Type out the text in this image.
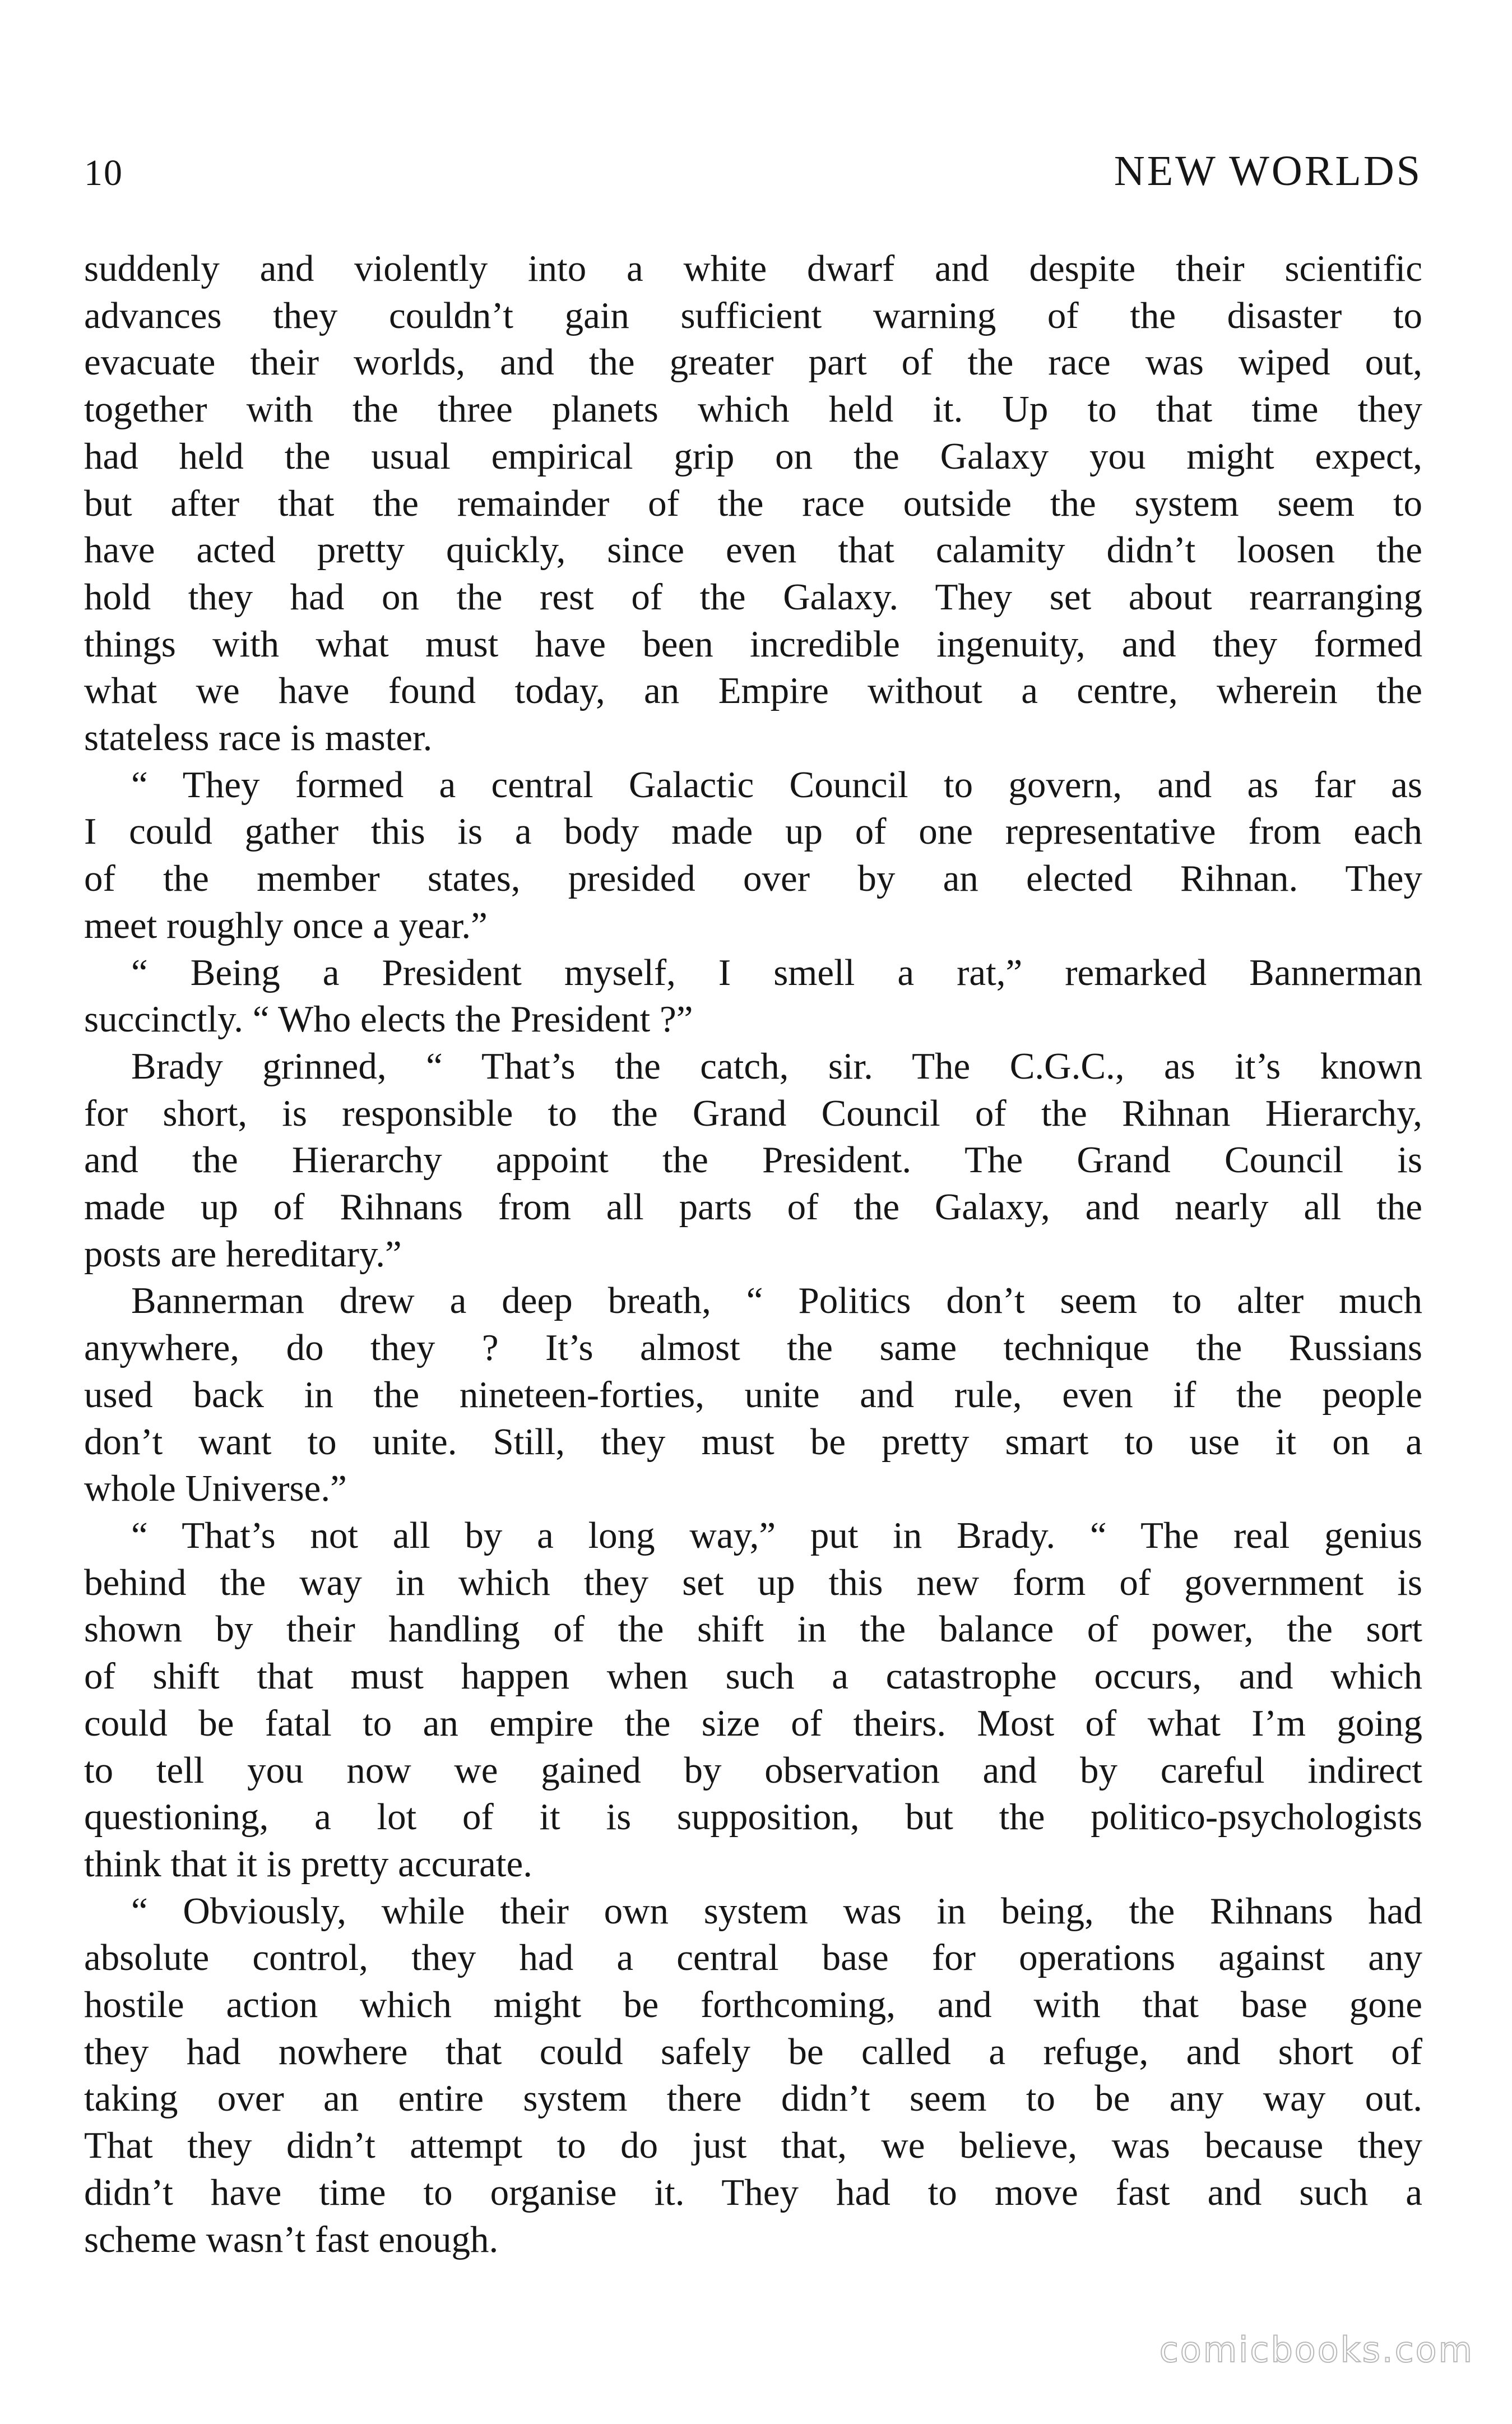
10	NEW WORLDS

suddenly and violently into a white dwarf and despite their scientific
advances they couldn’t gain sufficient warning of the disaster to
evacuate their worlds, and the greater part of the race was wiped out,
together with the three planets which held it. Up to that time they
had held the usual empirical grip on the Galaxy you might expect,
but after that the remainder of the race outside the system seem to
have acted pretty quickly, since even that calamity didn’t loosen the
hold they had on the rest of the Galaxy. They set about rearranging
things with what must have been incredible ingenuity, and they formed
what we have found today, an Empire without a centre, wherein the
stateless race is master.

“ They formed a central Galactic Council to govern, and as far as
I could gather this is a body made up of one representative from each
of the member states, presided over by an elected Rihnan. They
meet roughly once a year.”

“ Being a President myself, I smell a rat,” remarked Bannerman
succinctly. “ Who elects the President ?”

Brady grinned, “ That’s the catch, sir. The C.G.C., as it’s known
for short, is responsible to the Grand Council of the Rihnan Hierarchy,
and the Hierarchy appoint the President. The Grand Council is
made up of Rihnans from all parts of the Galaxy, and nearly all the
posts are hereditary.”

Bannerman drew a deep breath, “ Politics don’t seem to alter much
anywhere, do they ? It’s almost the same technique the Russians
used back in the nineteen-forties, unite and rule, even if the people
don’t want to unite. Still, they must be pretty smart to use it on a
whole Universe.”

“ That’s not all by a long way,” put in Brady. “ The real genius
behind the way in which they set up this new form of government is
shown by their handling of the shift in the balance of power, the sort
of shift that must happen when such a catastrophe occurs, and which
could be fatal to an empire the size of theirs. Most of what I’m going
to tell you now we gained by observation and by careful indirect
questioning, a lot of it is supposition, but the politico-psychologists
think that it is pretty accurate.

“ Obviously, while their own system was in being, the Rihnans had
absolute control, they had a central base for operations against any
hostile action which might be forthcoming, and with that base gone
they had nowhere that could safely be called a refuge, and short of
taking over an entire system there didn’t seem to be any way out.
That they didn’t attempt to do just that, we believe, was because they
didn’t have time to organise it. They had to move fast and such a
scheme wasn’t fast enough.

comicbooks.com
